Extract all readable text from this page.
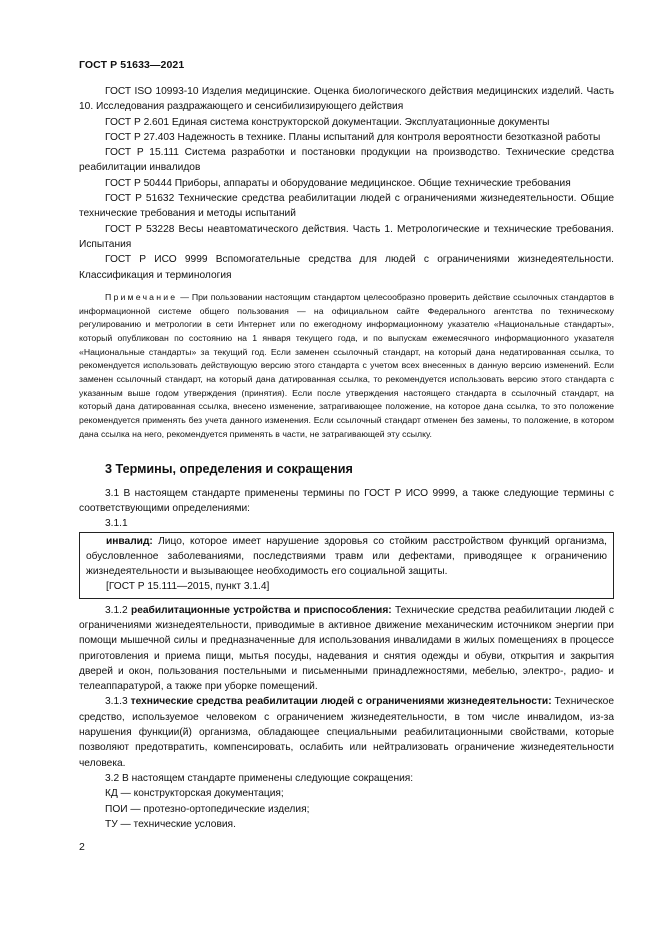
ГОСТ Р 51633—2021

ГОСТ ISO 10993-10 Изделия медицинские. Оценка биологического действия медицинских изделий. Часть 10. Исследования раздражающего и сенсибилизирующего действия

ГОСТ Р 2.601 Единая система конструкторской документации. Эксплуатационные документы

ГОСТ Р 27.403 Надежность в технике. Планы испытаний для контроля вероятности безотказной работы

ГОСТ Р 15.111 Система разработки и постановки продукции на производство. Технические средства реабилитации инвалидов

ГОСТ Р 50444 Приборы, аппараты и оборудование медицинское. Общие технические требования

ГОСТ Р 51632 Технические средства реабилитации людей с ограничениями жизнедеятельности. Общие технические требования и методы испытаний

ГОСТ Р 53228 Весы неавтоматического действия. Часть 1. Метрологические и технические требования. Испытания

ГОСТ Р ИСО 9999 Вспомогательные средства для людей с ограничениями жизнедеятельности. Классификация и терминология

Примечание — При пользовании настоящим стандартом целесообразно проверить действие ссылочных стандартов в информационной системе общего пользования — на официальном сайте Федерального агентства по техническому регулированию и метрологии в сети Интернет или по ежегодному информационному указателю «Национальные стандарты», который опубликован по состоянию на 1 января текущего года, и по выпускам ежемесячного информационного указателя «Национальные стандарты» за текущий год. Если заменен ссылочный стандарт, на который дана недатированная ссылка, то рекомендуется использовать действующую версию этого стандарта с учетом всех внесенных в данную версию изменений. Если заменен ссылочный стандарт, на который дана датированная ссылка, то рекомендуется использовать версию этого стандарта с указанным выше годом утверждения (принятия). Если после утверждения настоящего стандарта в ссылочный стандарт, на который дана датированная ссылка, внесено изменение, затрагивающее положение, на которое дана ссылка, то это положение рекомендуется применять без учета данного изменения. Если ссылочный стандарт отменен без замены, то положение, в котором дана ссылка на него, рекомендуется применять в части, не затрагивающей эту ссылку.

3 Термины, определения и сокращения

3.1 В настоящем стандарте применены термины по ГОСТ Р ИСО 9999, а также следующие термины с соответствующими определениями:

3.1.1

инвалид: Лицо, которое имеет нарушение здоровья со стойким расстройством функций организма, обусловленное заболеваниями, последствиями травм или дефектами, приводящее к ограничению жизнедеятельности и вызывающее необходимость его социальной защиты.

[ГОСТ Р 15.111—2015, пункт 3.1.4]

3.1.2 реабилитационные устройства и приспособления: Технические средства реабилитации людей с ограничениями жизнедеятельности, приводимые в активное движение механическим источником энергии при помощи мышечной силы и предназначенные для использования инвалидами в жилых помещениях в процессе приготовления и приема пищи, мытья посуды, надевания и снятия одежды и обуви, открытия и закрытия дверей и окон, пользования постельными и письменными принадлежностями, мебелью, электро-, радио- и телеаппаратурой, а также при уборке помещений.

3.1.3 технические средства реабилитации людей с ограничениями жизнедеятельности: Техническое средство, используемое человеком с ограничением жизнедеятельности, в том числе инвалидом, из-за нарушения функции(й) организма, обладающее специальными реабилитационными свойствами, которые позволяют предотвратить, компенсировать, ослабить или нейтрализовать ограничение жизнедеятельности человека.

3.2 В настоящем стандарте применены следующие сокращения:

КД — конструкторская документация;

ПОИ — протезно-ортопедические изделия;

ТУ — технические условия.

2
